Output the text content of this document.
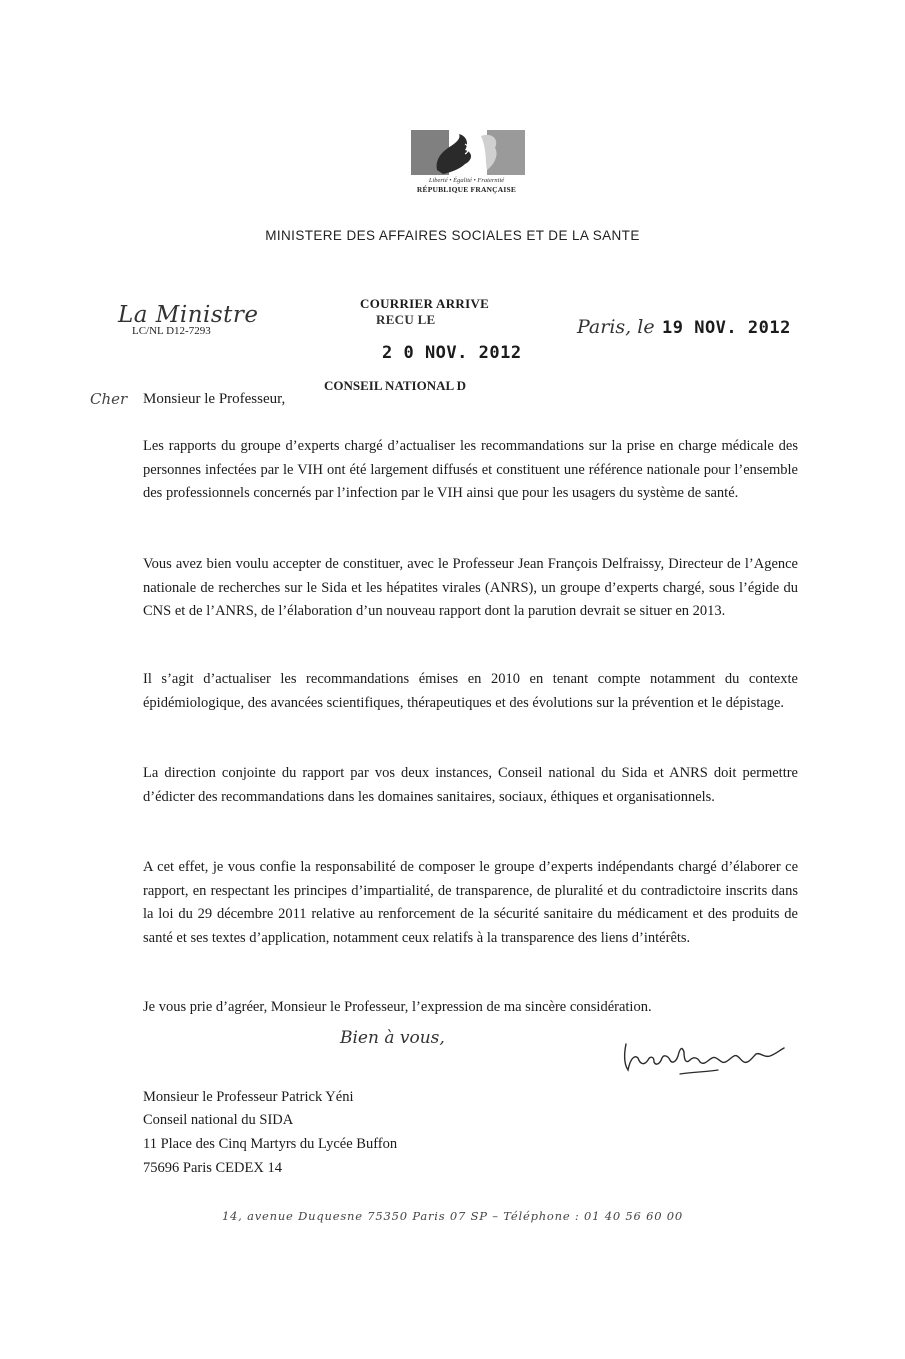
Liberté • Égalité • Fraternité
RÉPUBLIQUE FRANÇAISE
MINISTERE DES AFFAIRES SOCIALES ET DE LA SANTE
La Ministre
LC/NL D12-7293
COURRIER ARRIVE
RECU LE
2 0 NOV. 2012
CONSEIL NATIONAL D
Paris, le 19 NOV. 2012
Cher Monsieur le Professeur,

Les rapports du groupe d’experts chargé d’actualiser les recommandations sur la prise en charge médicale des personnes infectées par le VIH ont été largement diffusés et constituent une référence nationale pour l’ensemble des professionnels concernés par l’infection par le VIH ainsi que pour les usagers du système de santé.

Vous avez bien voulu accepter de constituer, avec le Professeur Jean François Delfraissy, Directeur de l’Agence nationale de recherches sur le Sida et les hépatites virales (ANRS), un groupe d’experts chargé, sous l’égide du CNS et de l’ANRS, de l’élaboration d’un nouveau rapport dont la parution devrait se situer en 2013.

Il s’agit d’actualiser les recommandations émises en 2010 en tenant compte notamment du contexte épidémiologique, des avancées scientifiques, thérapeutiques et des évolutions sur la prévention et le dépistage.

La direction conjointe du rapport par vos deux instances, Conseil national du Sida et ANRS doit permettre d’édicter des recommandations dans les domaines sanitaires, sociaux, éthiques et organisationnels.

A cet effet, je vous confie la responsabilité de composer le groupe d’experts indépendants chargé d’élaborer ce rapport, en respectant les principes d’impartialité, de transparence, de pluralité et du contradictoire inscrits dans la loi du 29 décembre 2011 relative au renforcement de la sécurité sanitaire du médicament et des produits de santé et ses textes d’application, notamment ceux relatifs à la transparence des liens d’intérêts.

Je vous prie d’agréer, Monsieur le Professeur, l’expression de ma sincère considération.
Bien à vous,
Monsieur le Professeur Patrick Yéni
Conseil national du SIDA
11 Place des Cinq Martyrs du Lycée Buffon
75696 Paris CEDEX 14
14, avenue Duquesne 75350 Paris 07 SP – Téléphone : 01 40 56 60 00
